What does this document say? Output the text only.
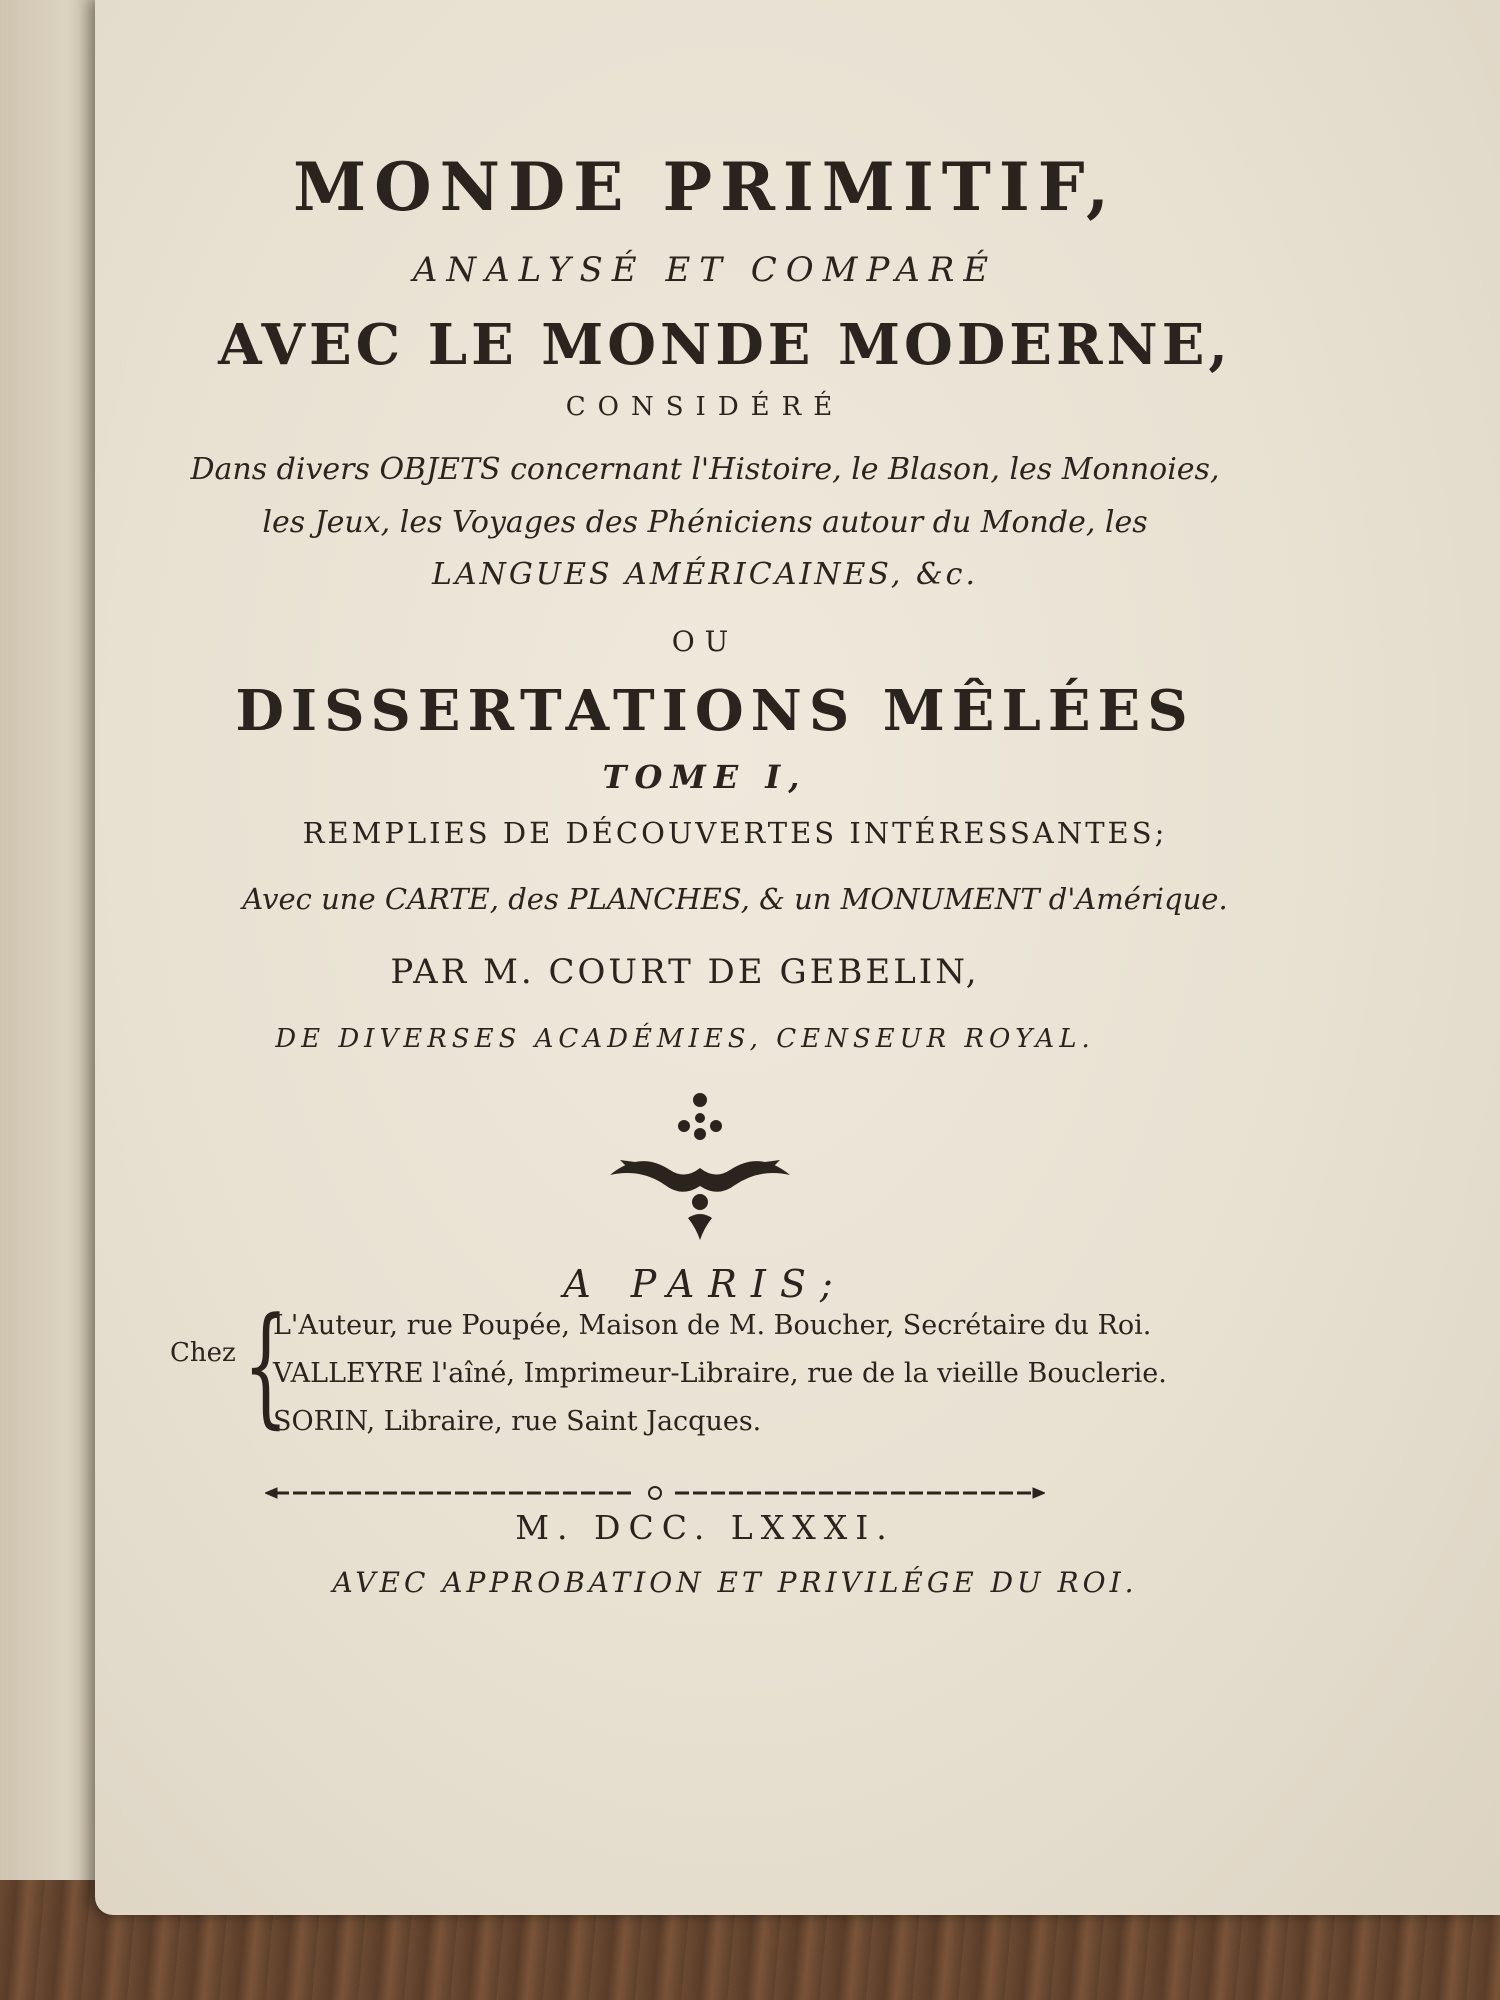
MONDE PRIMITIF,
ANALYSÉ ET COMPARÉ
AVEC LE MONDE MODERNE,
CONSIDÉRÉ
Dans divers OBJETS concernant l'Histoire, le Blason, les Monnoies,
les Jeux, les Voyages des Phéniciens autour du Monde, les
LANGUES AMÉRICAINES, &c.
OU
DISSERTATIONS MÊLÉES
TOME I,
REMPLIES DE DÉCOUVERTES INTÉRESSANTES;
Avec une CARTE, des PLANCHES, & un MONUMENT d'Amérique.
PAR M. COURT DE GEBELIN,
DE DIVERSES ACADÉMIES, CENSEUR ROYAL.
A PARIS;
Chez {
L'Auteur, rue Poupée, Maison de M. Boucher, Secrétaire du Roi.
VALLEYRE l'aîné, Imprimeur-Libraire, rue de la vieille Bouclerie.
SORIN, Libraire, rue Saint Jacques.
M. DCC. LXXXI.
AVEC APPROBATION ET PRIVILÉGE DU ROI.
